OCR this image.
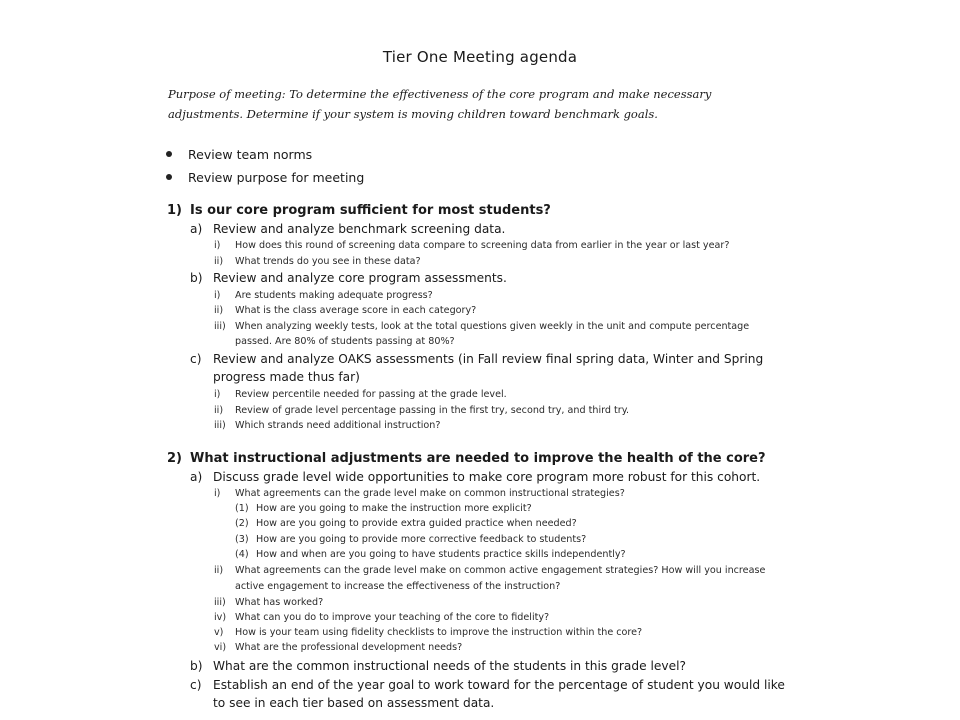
Tier One Meeting agenda

Purpose of meeting: To determine the effectiveness of the core program and make necessary
adjustments. Determine if your system is moving children toward benchmark goals.

Review team norms
Review purpose for meeting
1) Is our core program sufficient for most students?
a) Review and analyze benchmark screening data.
i) How does this round of screening data compare to screening data from earlier in the year or last year?
ii) What trends do you see in these data?
b) Review and analyze core program assessments.
i) Are students making adequate progress?
ii) What is the class average score in each category?
iii) When analyzing weekly tests, look at the total questions given weekly in the unit and compute percentage
passed. Are 80% of students passing at 80%?
c) Review and analyze OAKS assessments (in Fall review final spring data, Winter and Spring
progress made thus far)
i) Review percentile needed for passing at the grade level.
ii) Review of grade level percentage passing in the first try, second try, and third try.
iii) Which strands need additional instruction?
2) What instructional adjustments are needed to improve the health of the core?
a) Discuss grade level wide opportunities to make core program more robust for this cohort.
i) What agreements can the grade level make on common instructional strategies?
(1) How are you going to make the instruction more explicit?
(2) How are you going to provide extra guided practice when needed?
(3) How are you going to provide more corrective feedback to students?
(4) How and when are you going to have students practice skills independently?
ii) What agreements can the grade level make on common active engagement strategies? How will you increase
active engagement to increase the effectiveness of the instruction?
iii) What has worked?
iv) What can you do to improve your teaching of the core to fidelity?
v) How is your team using fidelity checklists to improve the instruction within the core?
vi) What are the professional development needs?
b) What are the common instructional needs of the students in this grade level?
c) Establish an end of the year goal to work toward for the percentage of student you would like
to see in each tier based on assessment data.
